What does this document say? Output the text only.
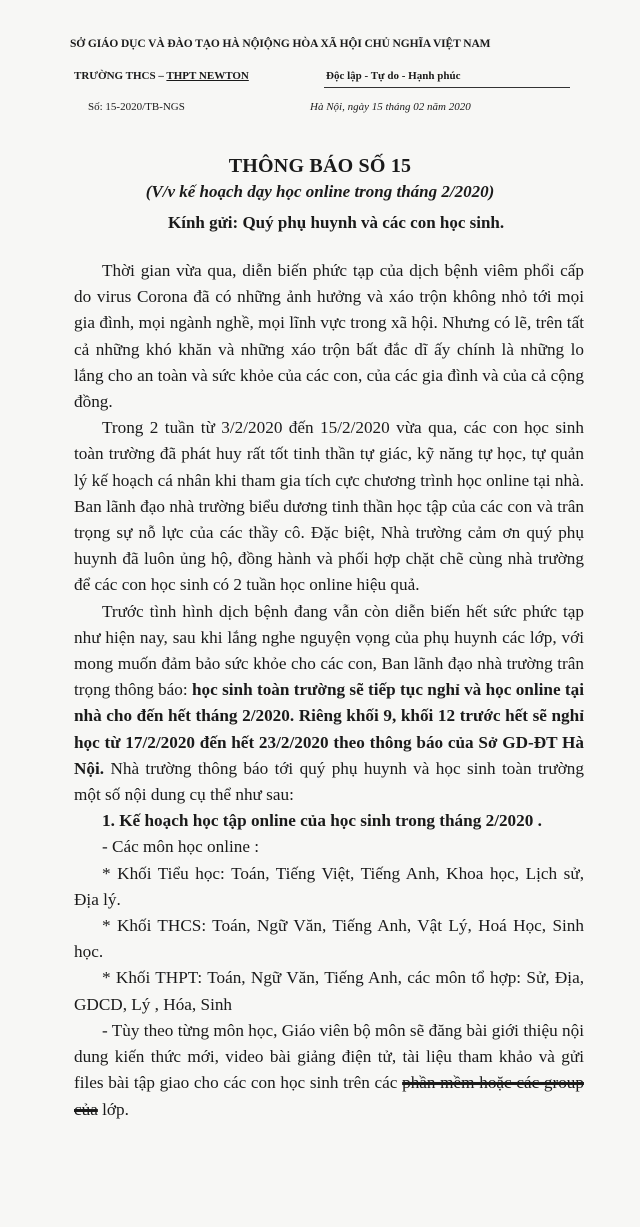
SỞ GIÁO DỤC VÀ ĐÀO TẠO HÀ NỘIỘNG HÒA XÃ HỘI CHỦ NGHĨA VIỆT NAM
TRƯỜNG THCS – THPT NEWTON	Độc lập - Tự do - Hạnh phúc
Số: 15-2020/TB-NGS	Hà Nội, ngày 15 tháng 02 năm 2020
THÔNG BÁO SỐ 15
(V/v kế hoạch dạy học online trong tháng 2/2020)
Kính gửi: Quý phụ huynh và các con học sinh.

Thời gian vừa qua, diễn biến phức tạp của dịch bệnh viêm phổi cấp do virus Corona đã có những ảnh hưởng và xáo trộn không nhỏ tới mọi gia đình, mọi ngành nghề, mọi lĩnh vực trong xã hội. Nhưng có lẽ, trên tất cả những khó khăn và những xáo trộn bất đắc dĩ ấy chính là những lo lắng cho an toàn và sức khỏe của các con, của các gia đình và của cả cộng đồng.

Trong 2 tuần từ 3/2/2020 đến 15/2/2020 vừa qua, các con học sinh toàn trường đã phát huy rất tốt tinh thần tự giác, kỹ năng tự học, tự quản lý kế hoạch cá nhân khi tham gia tích cực chương trình học online tại nhà. Ban lãnh đạo nhà trường biểu dương tinh thần học tập của các con và trân trọng sự nỗ lực của các thầy cô. Đặc biệt, Nhà trường cảm ơn quý phụ huynh đã luôn ủng hộ, đồng hành và phối hợp chặt chẽ cùng nhà trường để các con học sinh có 2 tuần học online hiệu quả.

Trước tình hình dịch bệnh đang vẫn còn diễn biến hết sức phức tạp như hiện nay, sau khi lắng nghe nguyện vọng của phụ huynh các lớp, với mong muốn đảm bảo sức khỏe cho các con, Ban lãnh đạo nhà trường trân trọng thông báo: học sinh toàn trường sẽ tiếp tục nghỉ và học online tại nhà cho đến hết tháng 2/2020. Riêng khối 9, khối 12 trước hết sẽ nghỉ học từ 17/2/2020 đến hết 23/2/2020 theo thông báo của Sở GD-ĐT Hà Nội. Nhà trường thông báo tới quý phụ huynh và học sinh toàn trường một số nội dung cụ thể như sau:

1. Kế hoạch học tập online của học sinh trong tháng 2/2020 .

- Các môn học online :

* Khối Tiểu học: Toán, Tiếng Việt, Tiếng Anh, Khoa học, Lịch sử, Địa lý.

* Khối THCS: Toán, Ngữ Văn, Tiếng Anh, Vật Lý, Hoá Học, Sinh học.

* Khối THPT: Toán, Ngữ Văn, Tiếng Anh, các môn tổ hợp: Sử, Địa, GDCD, Lý , Hóa, Sinh

- Tùy theo từng môn học, Giáo viên bộ môn sẽ đăng bài giới thiệu nội dung kiến thức mới, video bài giảng điện tử, tài liệu tham khảo và gửi files bài tập giao cho các con học sinh trên các phần mềm hoặc các group của lớp.
